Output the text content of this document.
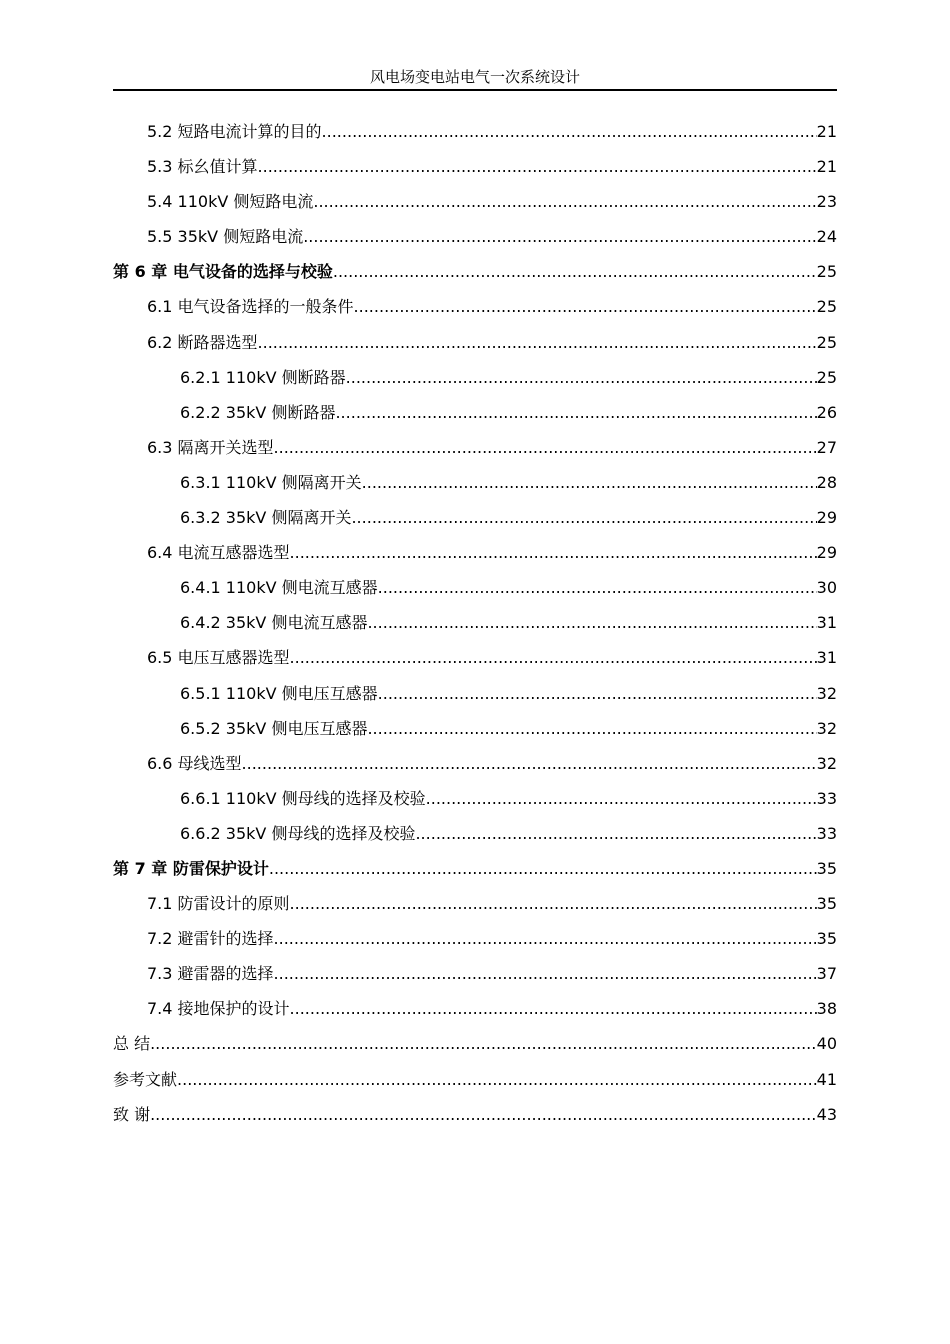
风电场变电站电气一次系统设计
5.2 短路电流计算的目的 .....	21
5.3 标幺值计算 .....	21
5.4 110kV 侧短路电流 .....	23
5.5 35kV 侧短路电流 .....	24
第 6 章 电气设备的选择与校验 .....	25
6.1 电气设备选择的一般条件 .....	25
6.2 断路器选型 .....	25
6.2.1 110kV 侧断路器 .....	25
6.2.2 35kV 侧断路器 .....	26
6.3 隔离开关选型 .....	27
6.3.1 110kV 侧隔离开关 .....	28
6.3.2 35kV 侧隔离开关 .....	29
6.4 电流互感器选型 .....	29
6.4.1 110kV 侧电流互感器 .....	30
6.4.2 35kV 侧电流互感器 .....	31
6.5 电压互感器选型 .....	31
6.5.1 110kV 侧电压互感器 .....	32
6.5.2 35kV 侧电压互感器 .....	32
6.6 母线选型 .....	32
6.6.1 110kV 侧母线的选择及校验 .....	33
6.6.2 35kV 侧母线的选择及校验 .....	33
第 7 章 防雷保护设计 .....	35
7.1 防雷设计的原则 .....	35
7.2 避雷针的选择 .....	35
7.3 避雷器的选择 .....	37
7.4 接地保护的设计 .....	38
总 结 .....	40
参考文献 .....	41
致 谢 .....	43
